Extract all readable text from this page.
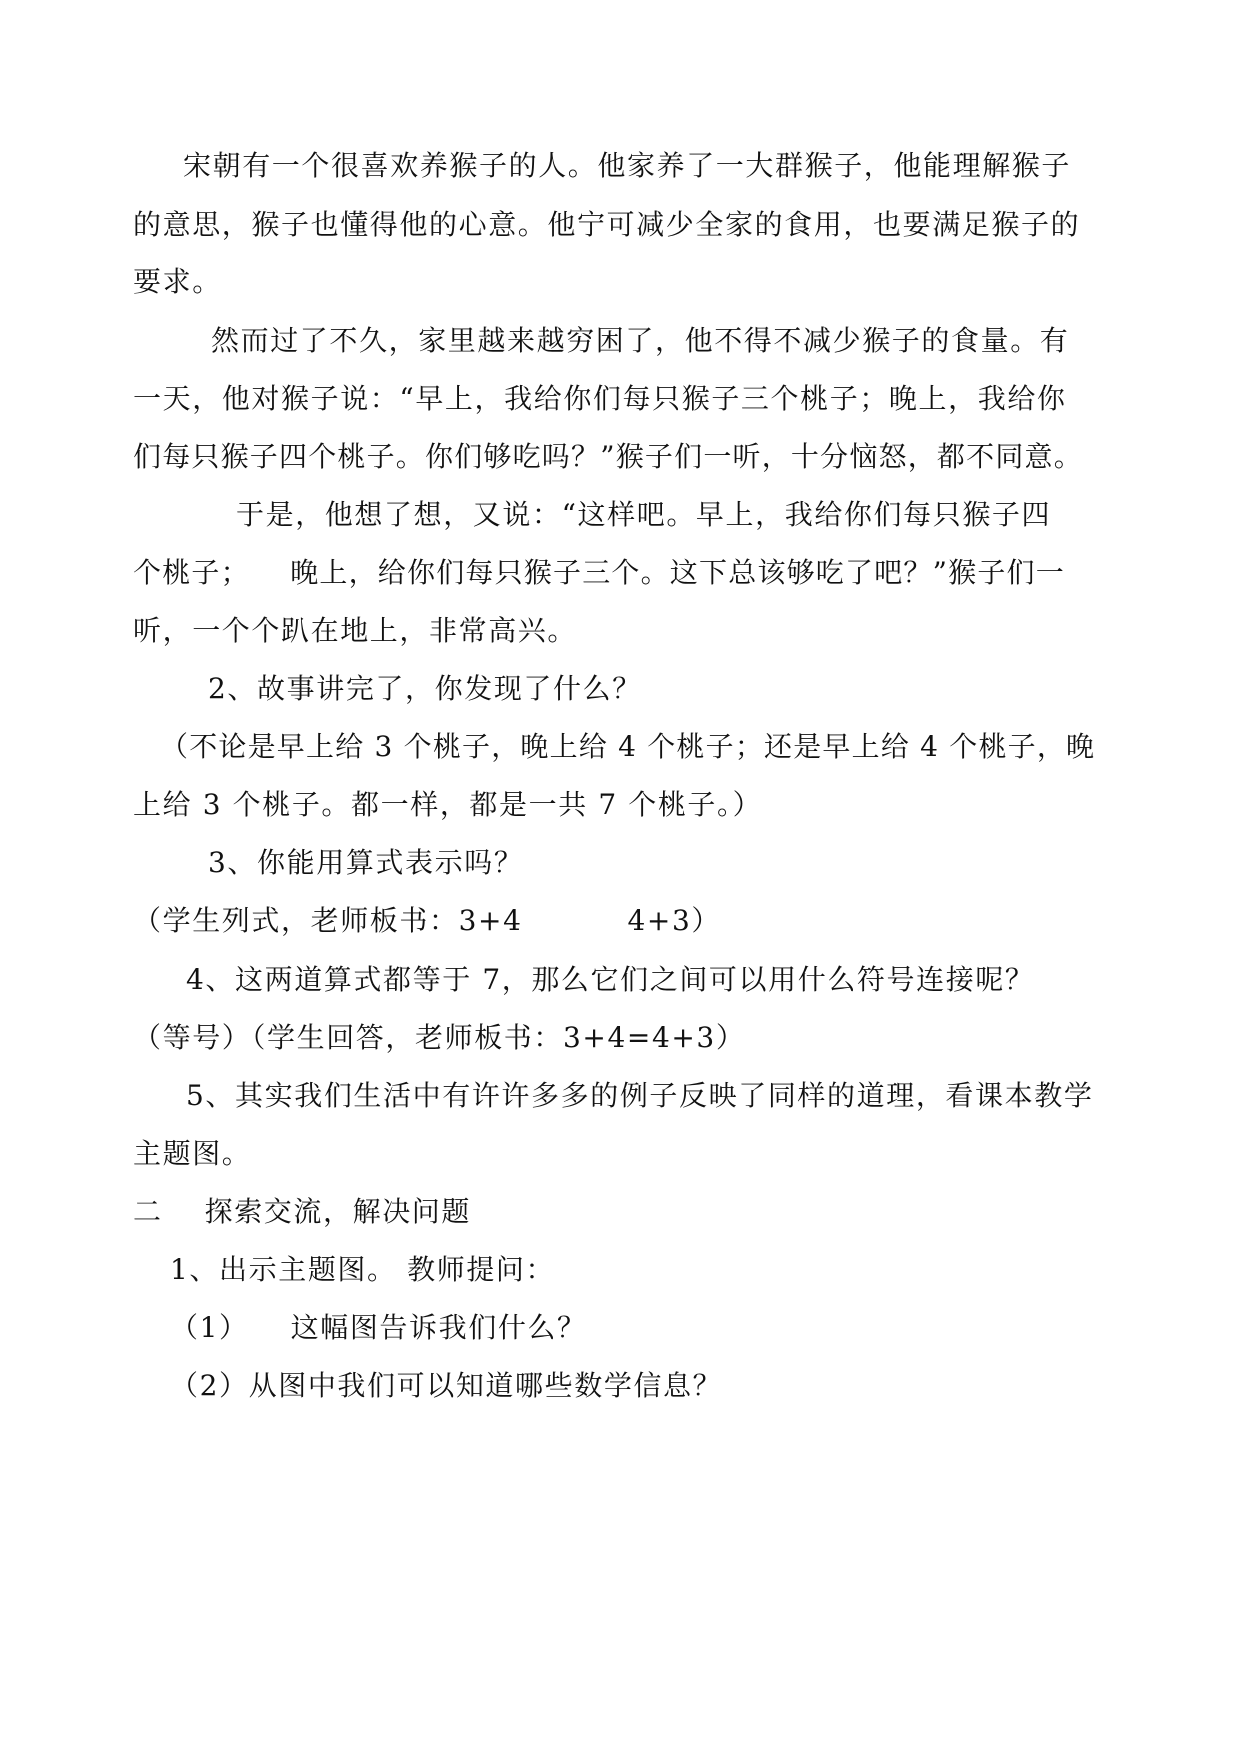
宋朝有一个很喜欢养猴子的人。他家养了一大群猴子，他能理解猴子
的意思，猴子也懂得他的心意。他宁可减少全家的食用，也要满足猴子的
要求。
然而过了不久，家里越来越穷困了，他不得不减少猴子的食量。有
一天，他对猴子说：“早上，我给你们每只猴子三个桃子；晚上，我给你
们每只猴子四个桃子。你们够吃吗？”猴子们一听，十分恼怒，都不同意。
于是，他想了想，又说：“这样吧。早上，我给你们每只猴子四
个桃子；    晚上，给你们每只猴子三个。这下总该够吃了吧？”猴子们一
听，一个个趴在地上，非常高兴。
2、故事讲完了，你发现了什么？
（不论是早上给 3 个桃子，晚上给 4 个桃子；还是早上给 4 个桃子，晚
上给 3 个桃子。都一样，都是一共 7 个桃子。）
3、你能用算式表示吗？
（学生列式，老师板书：3+4          4+3）
4、这两道算式都等于 7，那么它们之间可以用什么符号连接呢？
（等号）（学生回答，老师板书：3+4=4+3）
5、其实我们生活中有许许多多的例子反映了同样的道理，看课本教学
主题图。
二    探索交流，解决问题
1、出示主题图。 教师提问：
（1）    这幅图告诉我们什么？
（2）从图中我们可以知道哪些数学信息？
